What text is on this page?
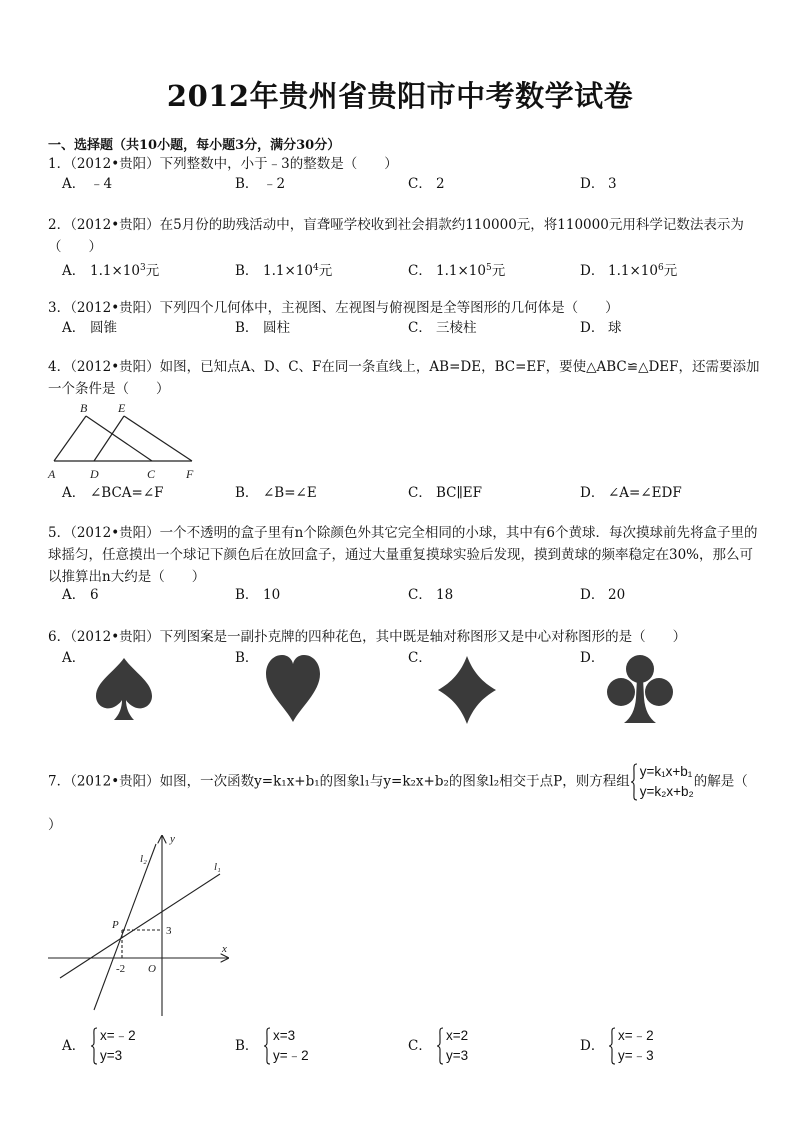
2012年贵州省贵阳市中考数学试卷
一、选择题（共10小题，每小题3分，满分30分）
1．（2012•贵阳）下列整数中，小于﹣3的整数是（　　）
A． ﹣4	B． ﹣2	C． 2	D． 3
2．（2012•贵阳）在5月份的助残活动中，盲聋哑学校收到社会捐款约110000元，将110000元用科学记数法表示为（　　）
A． $1.1\times 10^3$元	B． $1.1\times 10^4$元	C． $1.1\times 10^5$元	D． $1.1\times 10^6$元
3．（2012•贵阳）下列四个几何体中，主视图、左视图与俯视图是全等图形的几何体是（　　）
A． 圆锥	B． 圆柱	C． 三棱柱	D． 球
4．（2012•贵阳）如图，已知点A、D、C、F在同一条直线上，AB=DE，BC=EF，要使△ABC≌△DEF，还需要添加一个条件是（　　）
B	E
A	D	C	F
A． ∠BCA=∠F	B． ∠B=∠E	C． BC∥EF	D． ∠A=∠EDF
5．（2012•贵阳）一个不透明的盒子里有n个除颜色外其它完全相同的小球，其中有6个黄球．每次摸球前先将盒子里的球摇匀，任意摸出一个球记下颜色后在放回盒子，通过大量重复摸球实验后发现，摸到黄球的频率稳定在30%，那么可以推算出n大约是（　　）
A． 6	B． 10	C． 18	D． 20
6．（2012•贵阳）下列图案是一副扑克牌的四种花色，其中既是轴对称图形又是中心对称图形的是（　　）
A．	B．	C．	D．
7．（2012•贵阳）如图，一次函数y=k₁x+b₁的图象l₁与y=k₂x+b₂的图象l₂相交于点P，则方程组
y=k₁x+b₁
y=k₂x+b₂
的解是（
）
y
x
l₂
l₁
P
O
3
-2
A．
x=﹣2
y=3
B．
x=3
y=﹣2
C．
x=2
y=3
D．
x=﹣2
y=﹣3
